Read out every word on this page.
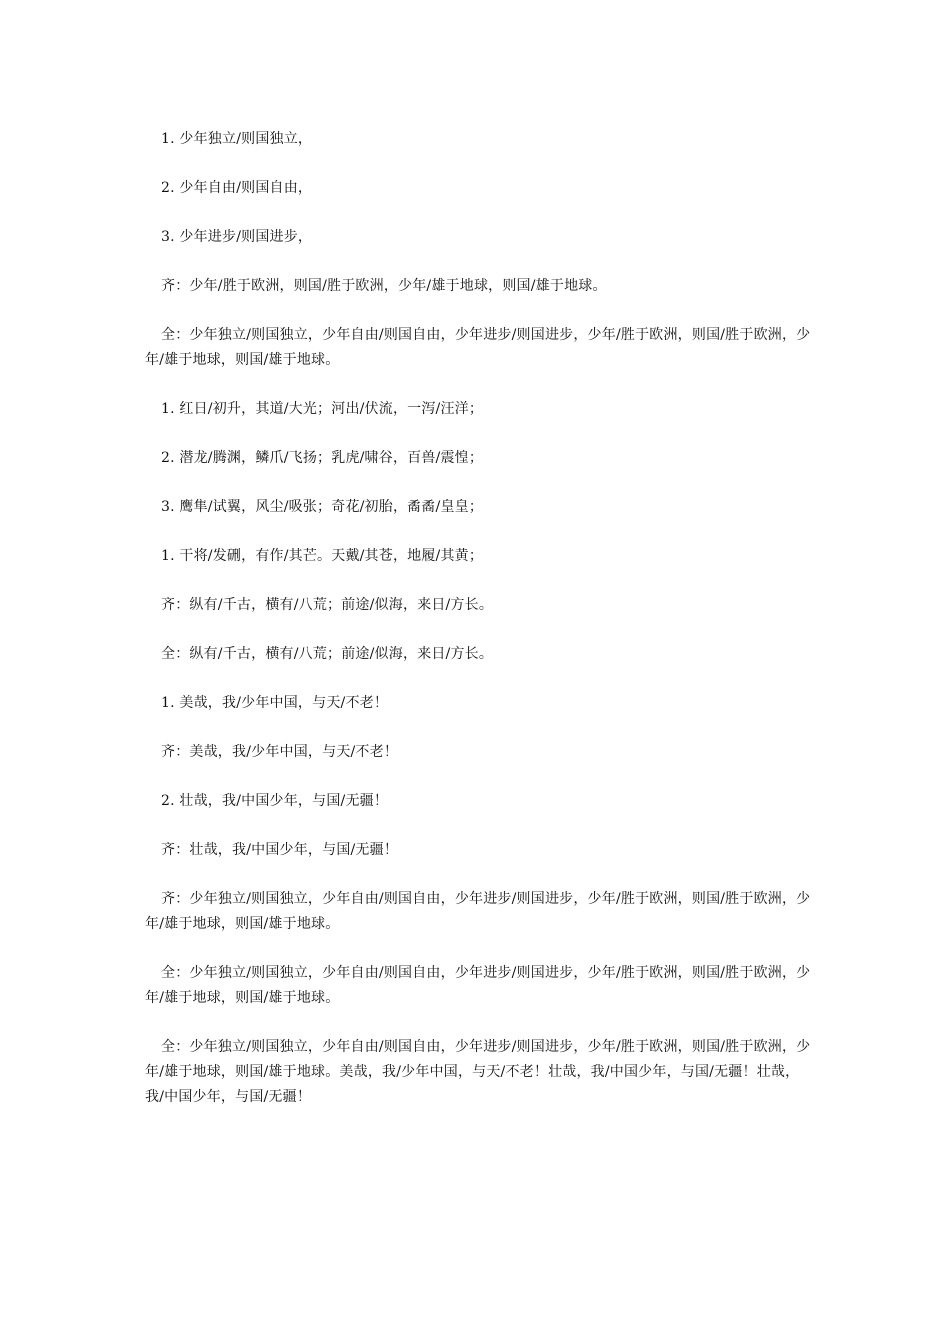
1. 少年独立/则国独立，

2. 少年自由/则国自由，

3. 少年进步/则国进步，

齐：少年/胜于欧洲，则国/胜于欧洲，少年/雄于地球，则国/雄于地球。

全：少年独立/则国独立，少年自由/则国自由，少年进步/则国进步，少年/胜于欧洲，则国/胜于欧洲，少年/雄于地球，则国/雄于地球。

1. 红日/初升，其道/大光；河出/伏流，一泻/汪洋；

2. 潜龙/腾渊，鳞爪/飞扬；乳虎/啸谷，百兽/震惶；

3. 鹰隼/试翼，风尘/吸张；奇花/初胎，矞矞/皇皇；

1. 干将/发硎，有作/其芒。天戴/其苍，地履/其黄；

齐：纵有/千古，横有/八荒；前途/似海，来日/方长。

全：纵有/千古，横有/八荒；前途/似海，来日/方长。

1. 美哉，我/少年中国，与天/不老！

齐：美哉，我/少年中国，与天/不老！

2. 壮哉，我/中国少年，与国/无疆！

齐：壮哉，我/中国少年，与国/无疆！

齐：少年独立/则国独立，少年自由/则国自由，少年进步/则国进步，少年/胜于欧洲，则国/胜于欧洲，少年/雄于地球，则国/雄于地球。

全：少年独立/则国独立，少年自由/则国自由，少年进步/则国进步，少年/胜于欧洲，则国/胜于欧洲，少年/雄于地球，则国/雄于地球。

全：少年独立/则国独立，少年自由/则国自由，少年进步/则国进步，少年/胜于欧洲，则国/胜于欧洲，少年/雄于地球，则国/雄于地球。美哉，我/少年中国，与天/不老！壮哉，我/中国少年，与国/无疆！壮哉，我/中国少年，与国/无疆！
